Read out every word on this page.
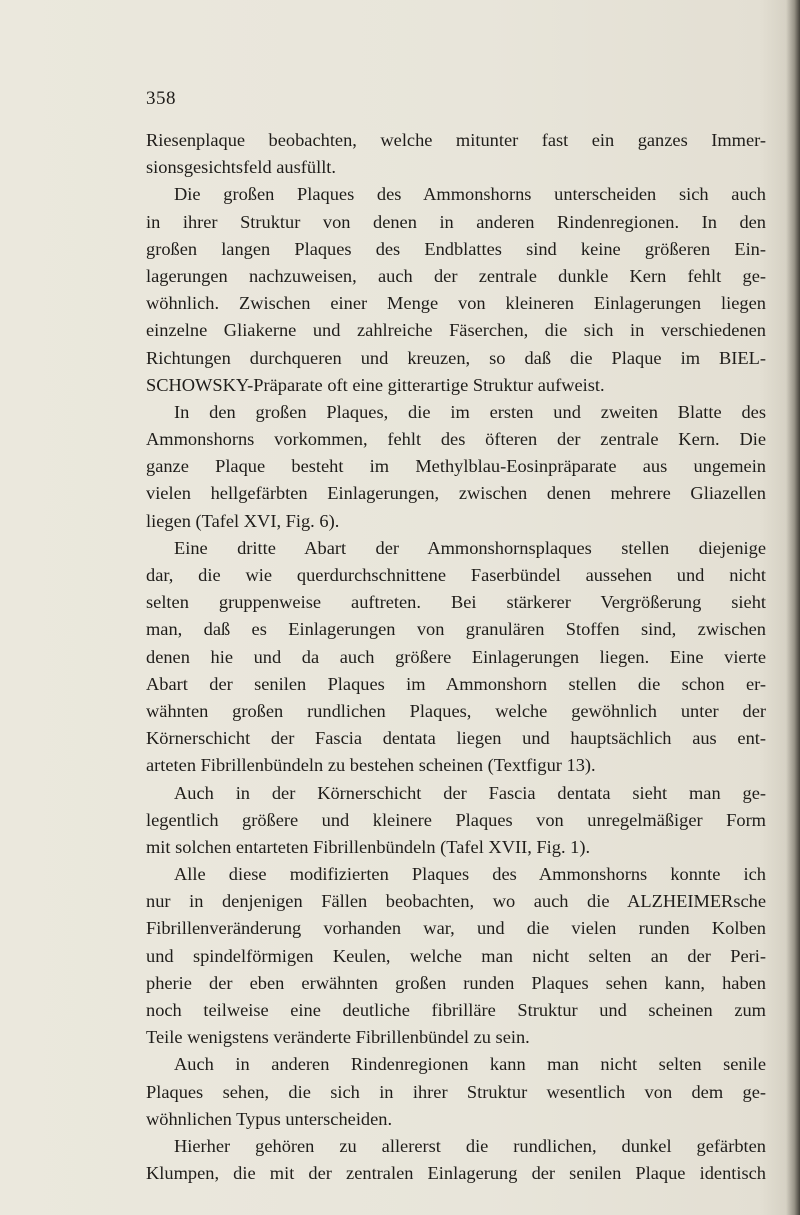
358
Riesenplaque beobachten, welche mitunter fast ein ganzes Immer-
sionsgesichtsfeld ausfüllt.
Die großen Plaques des Ammonshorns unterscheiden sich auch
in ihrer Struktur von denen in anderen Rindenregionen. In den
großen langen Plaques des Endblattes sind keine größeren Ein-
lagerungen nachzuweisen, auch der zentrale dunkle Kern fehlt ge-
wöhnlich. Zwischen einer Menge von kleineren Einlagerungen liegen
einzelne Gliakerne und zahlreiche Fäserchen, die sich in verschiedenen
Richtungen durchqueren und kreuzen, so daß die Plaque im BIEL-
SCHOWSKY-Präparate oft eine gitterartige Struktur aufweist.
In den großen Plaques, die im ersten und zweiten Blatte des
Ammonshorns vorkommen, fehlt des öfteren der zentrale Kern. Die
ganze Plaque besteht im Methylblau-Eosinpräparate aus ungemein
vielen hellgefärbten Einlagerungen, zwischen denen mehrere Gliazellen
liegen (Tafel XVI, Fig. 6).
Eine dritte Abart der Ammonshornsplaques stellen diejenige
dar, die wie querdurchschnittene Faserbündel aussehen und nicht
selten gruppenweise auftreten. Bei stärkerer Vergrößerung sieht
man, daß es Einlagerungen von granulären Stoffen sind, zwischen
denen hie und da auch größere Einlagerungen liegen. Eine vierte
Abart der senilen Plaques im Ammonshorn stellen die schon er-
wähnten großen rundlichen Plaques, welche gewöhnlich unter der
Körnerschicht der Fascia dentata liegen und hauptsächlich aus ent-
arteten Fibrillenbündeln zu bestehen scheinen (Textfigur 13).
Auch in der Körnerschicht der Fascia dentata sieht man ge-
legentlich größere und kleinere Plaques von unregelmäßiger Form
mit solchen entarteten Fibrillenbündeln (Tafel XVII, Fig. 1).
Alle diese modifizierten Plaques des Ammonshorns konnte ich
nur in denjenigen Fällen beobachten, wo auch die ALZHEIMERsche
Fibrillenveränderung vorhanden war, und die vielen runden Kolben
und spindelförmigen Keulen, welche man nicht selten an der Peri-
pherie der eben erwähnten großen runden Plaques sehen kann, haben
noch teilweise eine deutliche fibrilläre Struktur und scheinen zum
Teile wenigstens veränderte Fibrillenbündel zu sein.
Auch in anderen Rindenregionen kann man nicht selten senile
Plaques sehen, die sich in ihrer Struktur wesentlich von dem ge-
wöhnlichen Typus unterscheiden.
Hierher gehören zu allererst die rundlichen, dunkel gefärbten
Klumpen, die mit der zentralen Einlagerung der senilen Plaque identisch
